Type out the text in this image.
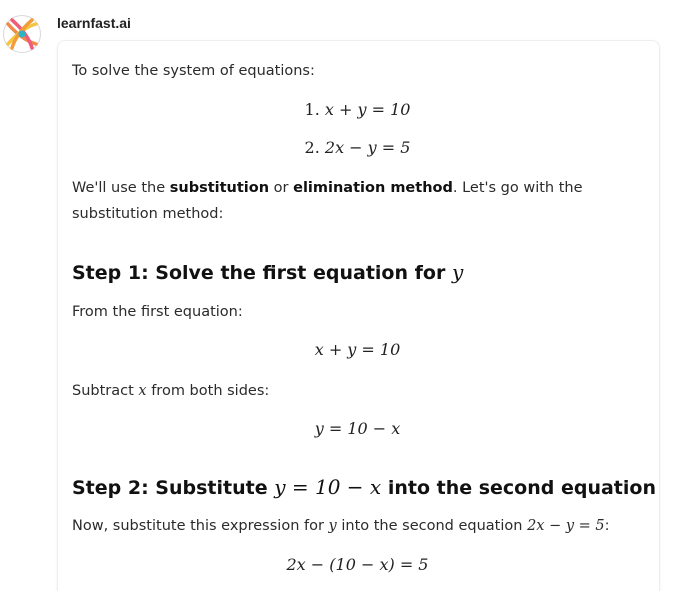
learnfast.ai
To solve the system of equations:
1. x + y = 10
2. 2x − y = 5
We'll use the substitution or elimination method. Let's go with the
substitution method:
Step 1: Solve the first equation for y
From the first equation:
x + y = 10
Subtract x from both sides:
y = 10 − x
Step 2: Substitute y = 10 − x into the second equation
Now, substitute this expression for y into the second equation 2x − y = 5:
2x − (10 − x) = 5
